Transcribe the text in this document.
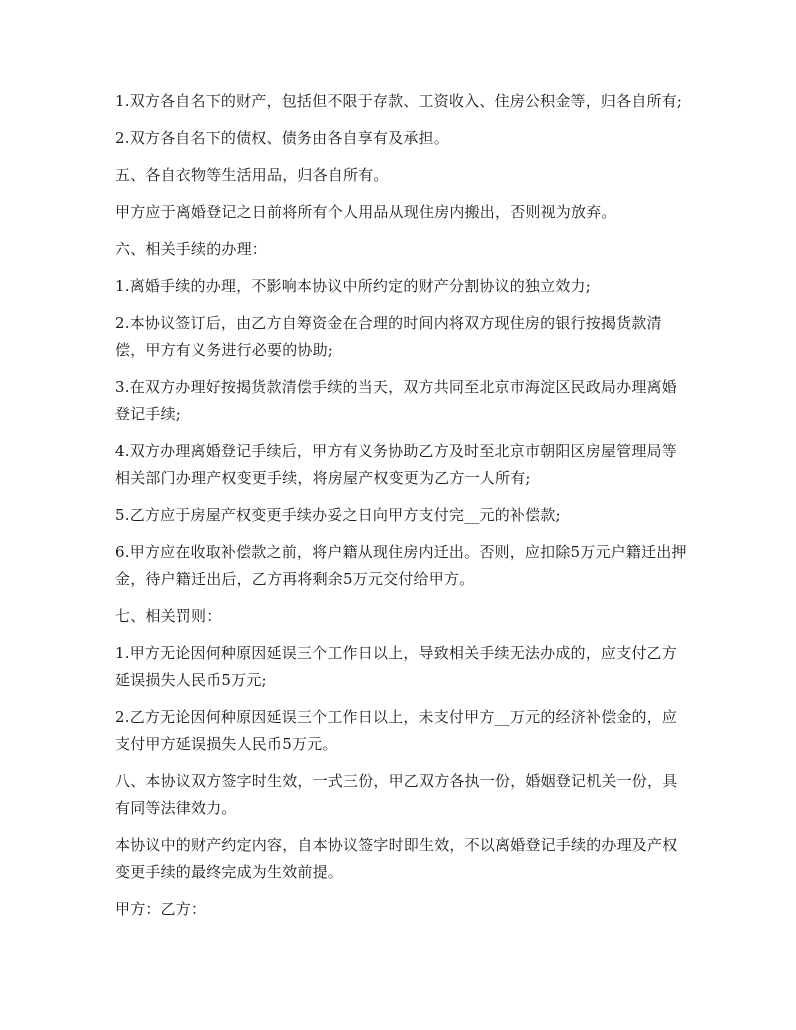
1.双方各自名下的财产，包括但不限于存款、工资收入、住房公积金等，归各自所有;

2.双方各自名下的债权、债务由各自享有及承担。

五、各自衣物等生活用品，归各自所有。

甲方应于离婚登记之日前将所有个人用品从现住房内搬出，否则视为放弃。

六、相关手续的办理：

1.离婚手续的办理，不影响本协议中所约定的财产分割协议的独立效力;

2.本协议签订后，由乙方自筹资金在合理的时间内将双方现住房的银行按揭货款清偿，甲方有义务进行必要的协助;

3.在双方办理好按揭货款清偿手续的当天，双方共同至北京市海淀区民政局办理离婚登记手续;

4.双方办理离婚登记手续后，甲方有义务协助乙方及时至北京市朝阳区房屋管理局等相关部门办理产权变更手续，将房屋产权变更为乙方一人所有;

5.乙方应于房屋产权变更手续办妥之日向甲方支付完__元的补偿款;

6.甲方应在收取补偿款之前，将户籍从现住房内迁出。否则，应扣除5万元户籍迁出押金，待户籍迁出后，乙方再将剩余5万元交付给甲方。

七、相关罚则：

1.甲方无论因何种原因延误三个工作日以上，导致相关手续无法办成的，应支付乙方延误损失人民币5万元;

2.乙方无论因何种原因延误三个工作日以上，未支付甲方__万元的经济补偿金的，应支付甲方延误损失人民币5万元。

八、本协议双方签字时生效，一式三份，甲乙双方各执一份，婚姻登记机关一份，具有同等法律效力。

本协议中的财产约定内容，自本协议签字时即生效，不以离婚登记手续的办理及产权变更手续的最终完成为生效前提。

甲方：乙方：
